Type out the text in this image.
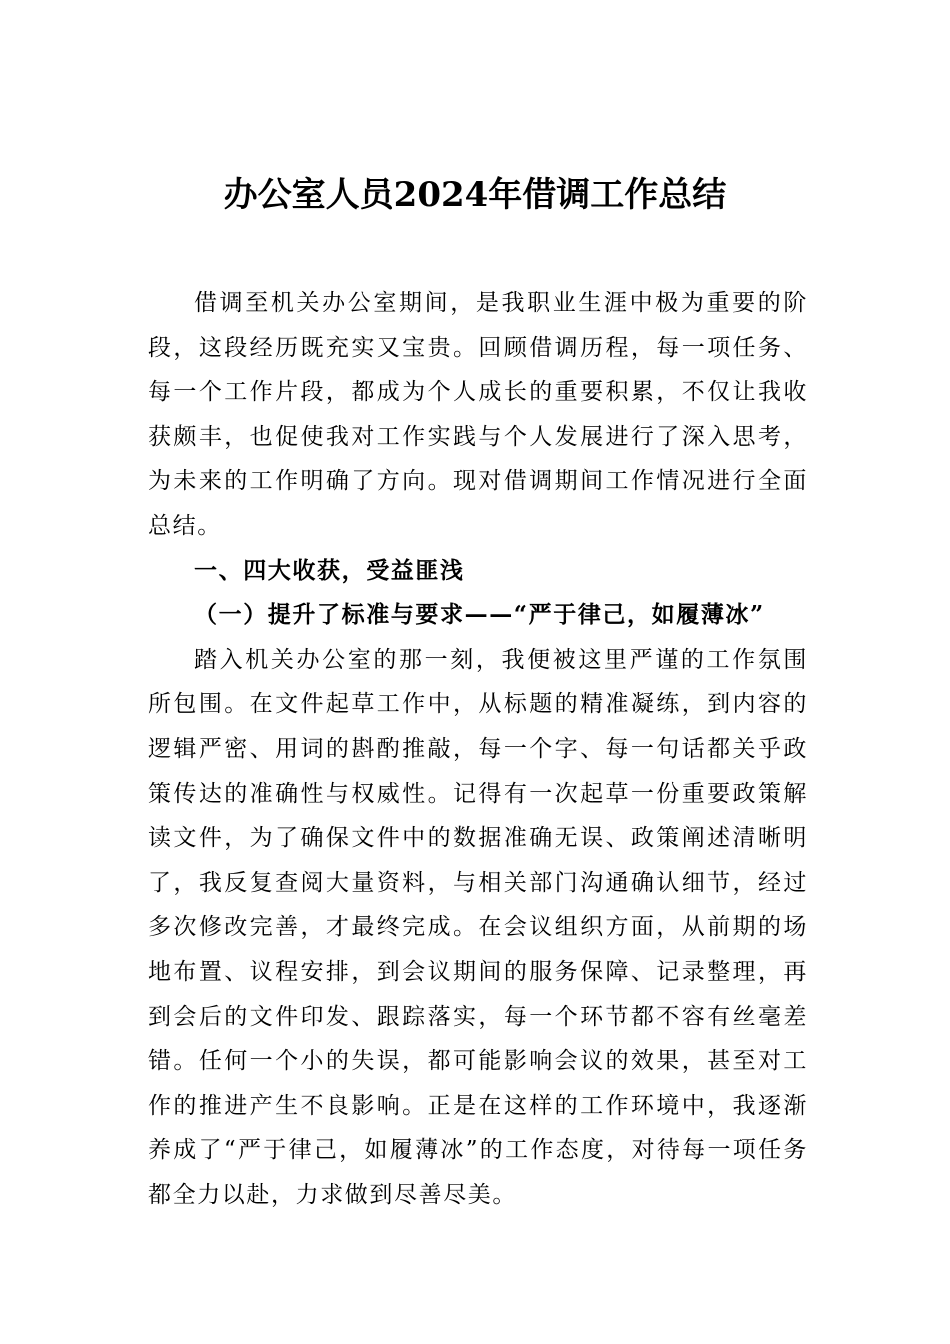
办公室人员2024年借调工作总结

借调至机关办公室期间，是我职业生涯中极为重要的阶段，这段经历既充实又宝贵。回顾借调历程，每一项任务、每一个工作片段，都成为个人成长的重要积累，不仅让我收获颇丰，也促使我对工作实践与个人发展进行了深入思考，为未来的工作明确了方向。现对借调期间工作情况进行全面总结。

一、四大收获，受益匪浅
（一）提升了标准与要求——“严于律己，如履薄冰”

踏入机关办公室的那一刻，我便被这里严谨的工作氛围所包围。在文件起草工作中，从标题的精准凝练，到内容的逻辑严密、用词的斟酌推敲，每一个字、每一句话都关乎政策传达的准确性与权威性。记得有一次起草一份重要政策解读文件，为了确保文件中的数据准确无误、政策阐述清晰明了，我反复查阅大量资料，与相关部门沟通确认细节，经过多次修改完善，才最终完成。在会议组织方面，从前期的场地布置、议程安排，到会议期间的服务保障、记录整理，再到会后的文件印发、跟踪落实，每一个环节都不容有丝毫差错。任何一个小的失误，都可能影响会议的效果，甚至对工作的推进产生不良影响。正是在这样的工作环境中，我逐渐养成了“严于律己，如履薄冰”的工作态度，对待每一项任务都全力以赴，力求做到尽善尽美。
